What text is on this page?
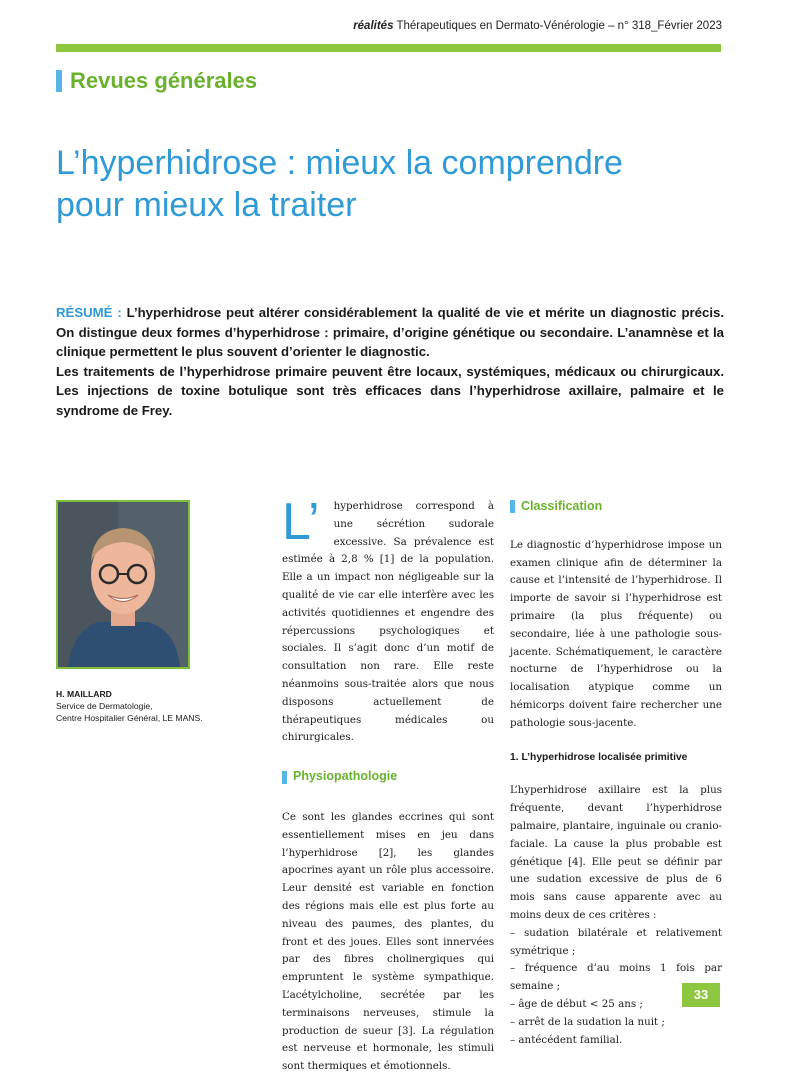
réalités Thérapeutiques en Dermato-Vénérologie – n° 318_Février 2023
Revues générales
L’hyperhidrose : mieux la comprendre
pour mieux la traiter

RÉSUMÉ : L’hyperhidrose peut altérer considérablement la qualité de vie et mérite un diagnostic précis. On distingue deux formes d’hyperhidrose : primaire, d’origine génétique ou secondaire. L’anamnèse et la clinique permettent le plus souvent d’orienter le diagnostic.

Les traitements de l’hyperhidrose primaire peuvent être locaux, systémiques, médicaux ou chirurgicaux. Les injections de toxine botulique sont très efficaces dans l’hyperhidrose axillaire, palmaire et le syndrome de Frey.

H. MAILLARD
Service de Dermatologie,
Centre Hospitalier Général, LE MANS.

L’ hyperhidrose correspond à une sécrétion sudorale excessive. Sa prévalence est estimée à 2,8 % [1] de la population. Elle a un impact non négligeable sur la qualité de vie car elle interfère avec les activités quotidiennes et engendre des répercussions psychologiques et sociales. Il s’agit donc d’un motif de consultation non rare. Elle reste néanmoins sous-traitée alors que nous disposons actuellement de thérapeutiques médicales ou chirurgicales.

Physiopathologie

Ce sont les glandes eccrines qui sont essentiellement mises en jeu dans l’hyperhidrose [2], les glandes apocrines ayant un rôle plus accessoire. Leur densité est variable en fonction des régions mais elle est plus forte au niveau des paumes, des plantes, du front et des joues. Elles sont innervées par des fibres cholinergiques qui empruntent le système sympathique. L’acétylcholine, secrétée par les terminaisons nerveuses, stimule la production de sueur [3]. La régulation est nerveuse et hormonale, les stimuli sont thermiques et émotionnels.

Classification

Le diagnostic d’hyperhidrose impose un examen clinique afin de déterminer la cause et l’intensité de l’hyperhidrose. Il importe de savoir si l’hyperhidrose est primaire (la plus fréquente) ou secondaire, liée à une pathologie sous-jacente. Schématiquement, le caractère nocturne de l’hyperhidrose ou la localisation atypique comme un hémicorps doivent faire rechercher une pathologie sous-jacente.

1. L’hyperhidrose localisée primitive

L’hyperhidrose axillaire est la plus fréquente, devant l’hyperhidrose palmaire, plantaire, inguinale ou cranio-faciale. La cause la plus probable est génétique [4]. Elle peut se définir par une sudation excessive de plus de 6 mois sans cause apparente avec au moins deux de ces critères :

– sudation bilatérale et relativement symétrique ;
– fréquence d’au moins 1 fois par semaine ;
– âge de début < 25 ans ;
– arrêt de la sudation la nuit ;
– antécédent familial.
33
